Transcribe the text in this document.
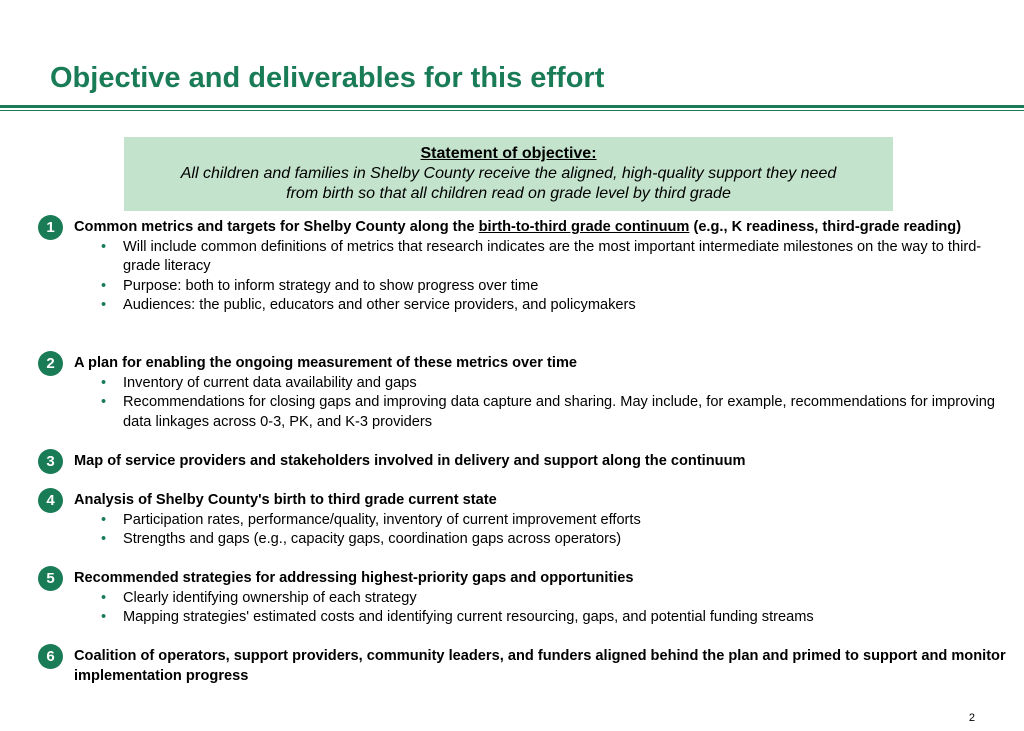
Objective and deliverables for this effort
Statement of objective:
All children and families in Shelby County receive the aligned, high-quality support they need
from birth so that all children read on grade level by third grade
1	Common metrics and targets for Shelby County along the birth-to-third grade continuum (e.g., K readiness, third-grade reading)
• Will include common definitions of metrics that research indicates are the most important intermediate milestones on the way to third-grade literacy
• Purpose: both to inform strategy and to show progress over time
• Audiences: the public, educators and other service providers, and policymakers
2	A plan for enabling the ongoing measurement of these metrics over time
• Inventory of current data availability and gaps
• Recommendations for closing gaps and improving data capture and sharing. May include, for example, recommendations for improving data linkages across 0-3, PK, and K-3 providers
3	Map of service providers and stakeholders involved in delivery and support along the continuum
4	Analysis of Shelby County's birth to third grade current state
• Participation rates, performance/quality, inventory of current improvement efforts
• Strengths and gaps (e.g., capacity gaps, coordination gaps across operators)
5	Recommended strategies for addressing highest-priority gaps and opportunities
• Clearly identifying ownership of each strategy
• Mapping strategies' estimated costs and identifying current resourcing, gaps, and potential funding streams
6	Coalition of operators, support providers, community leaders, and funders aligned behind the plan and primed to support and monitor implementation progress
2
